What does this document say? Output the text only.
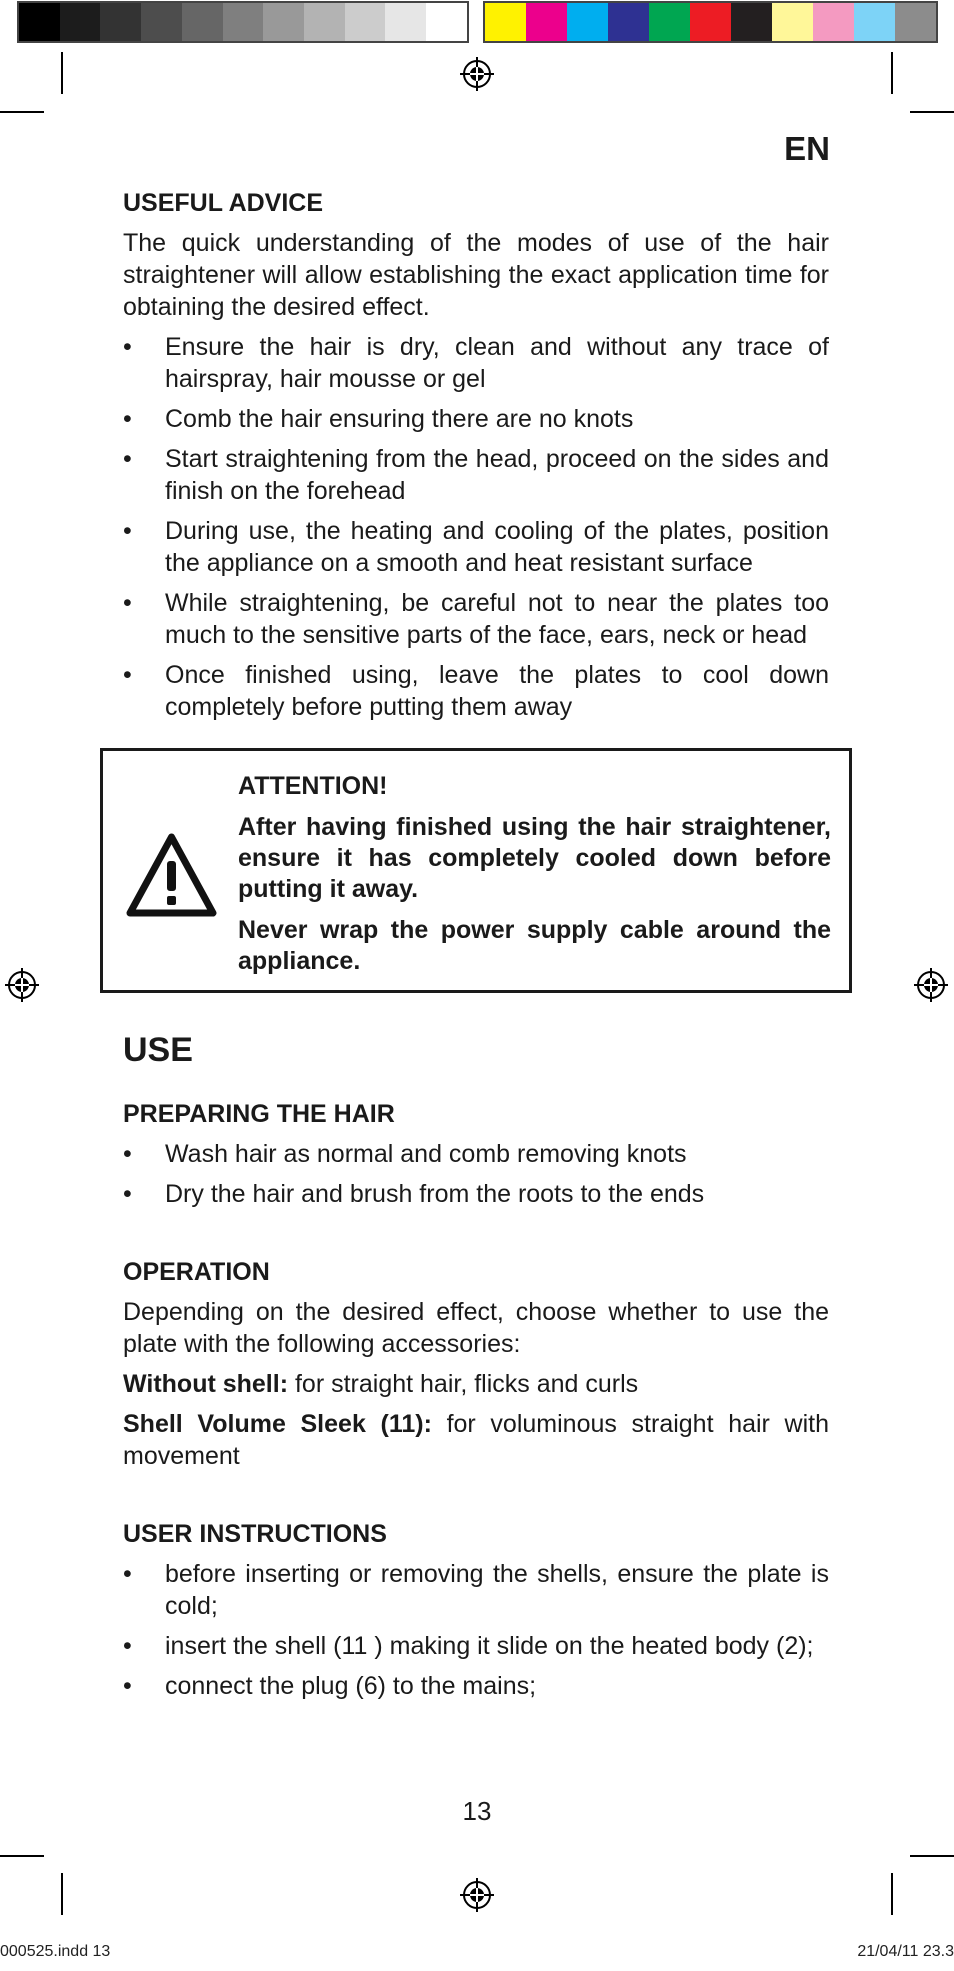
EN
USEFUL ADVICE

The quick understanding of the modes of use of the hair straightener will allow establishing the exact application time for obtaining the desired effect.

• Ensure the hair is dry, clean and without any trace of hairspray, hair mousse or gel
• Comb the hair ensuring there are no knots
• Start straightening from the head, proceed on the sides and finish on the forehead
• During use, the heating and cooling of the plates, position the appliance on a smooth and heat resistant surface
• While straightening, be careful not to near the plates too much to the sensitive parts of the face, ears, neck or head
• Once finished using, leave the plates to cool down completely before putting them away

ATTENTION!

After having finished using the hair straightener, ensure it has completely cooled down before putting it away.

Never wrap the power supply cable around the appliance.

USE
PREPARING THE HAIR
• Wash hair as normal and comb removing knots
• Dry the hair and brush from the roots to the ends
OPERATION

Depending on the desired effect, choose whether to use the plate with the following accessories:

Without shell: for straight hair, flicks and curls

Shell Volume Sleek (11): for voluminous straight hair with movement

USER INSTRUCTIONS
• before inserting or removing the shells, ensure the plate is cold;
• insert the shell (11 ) making it slide on the heated body (2);
• connect the plug (6) to the mains;
13
000525.indd 13	21/04/11 23.3
